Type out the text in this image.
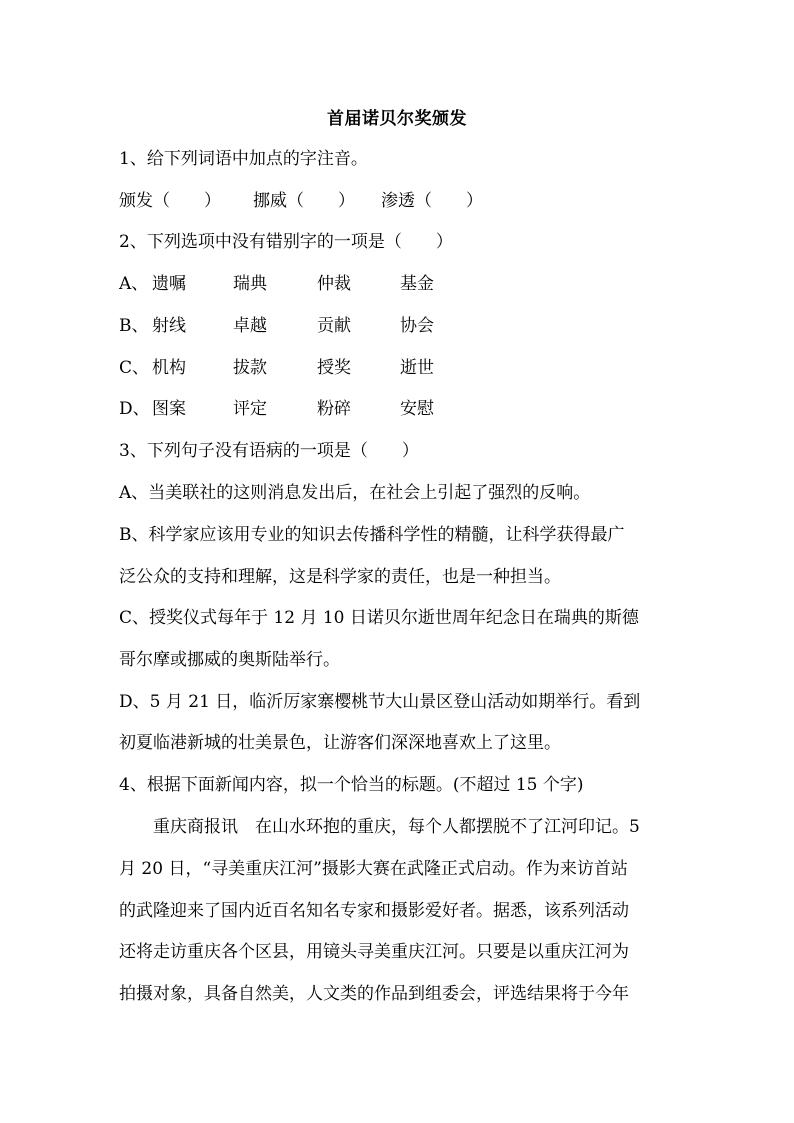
首届诺贝尔奖颁发
1、给下列词语中加点的字注音。
颁发（　　） 挪威（　　） 渗透（　　）
2、下列选项中没有错别字的一项是（　　）
A、 遗嘱	瑞典	仲裁	基金
B、 射线	卓越	贡献	协会
C、 机构	拔款	授奖	逝世
D、 图案	评定	粉碎	安慰
3、下列句子没有语病的一项是（　　）
A、当美联社的这则消息发出后，在社会上引起了强烈的反响。
B、科学家应该用专业的知识去传播科学性的精髓，让科学获得最广
泛公众的支持和理解，这是科学家的责任，也是一种担当。
C、授奖仪式每年于 12 月 10 日诺贝尔逝世周年纪念日在瑞典的斯德
哥尔摩或挪威的奥斯陆举行。
D、5 月 21 日，临沂厉家寨樱桃节大山景区登山活动如期举行。看到
初夏临港新城的壮美景色，让游客们深深地喜欢上了这里。
4、根据下面新闻内容，拟一个恰当的标题。(不超过 15 个字)
　　重庆商报讯　在山水环抱的重庆，每个人都摆脱不了江河印记。5
月 20 日，“寻美重庆江河”摄影大赛在武隆正式启动。作为来访首站
的武隆迎来了国内近百名知名专家和摄影爱好者。据悉，该系列活动
还将走访重庆各个区县，用镜头寻美重庆江河。只要是以重庆江河为
拍摄对象，具备自然美，人文类的作品到组委会，评选结果将于今年
